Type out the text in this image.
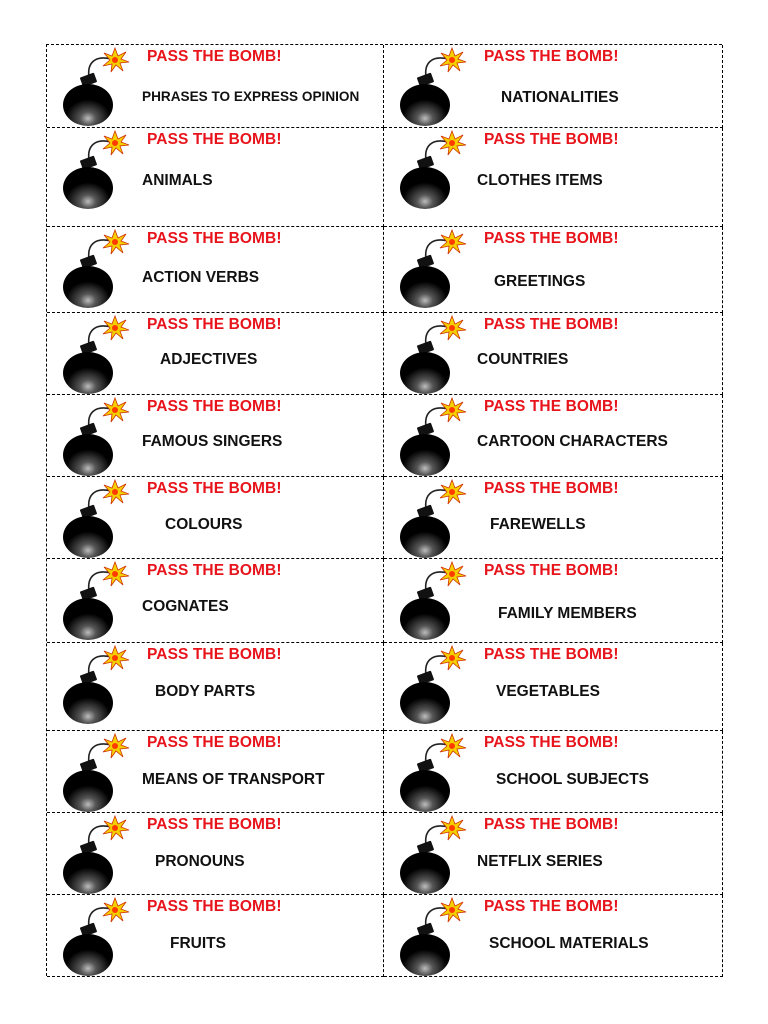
PASS THE BOMB!
PHRASES TO EXPRESS OPINION
PASS THE BOMB!
NATIONALITIES
PASS THE BOMB!
ANIMALS
PASS THE BOMB!
CLOTHES ITEMS
PASS THE BOMB!
ACTION VERBS
PASS THE BOMB!
GREETINGS
PASS THE BOMB!
ADJECTIVES
PASS THE BOMB!
COUNTRIES
PASS THE BOMB!
FAMOUS SINGERS
PASS THE BOMB!
CARTOON CHARACTERS
PASS THE BOMB!
COLOURS
PASS THE BOMB!
FAREWELLS
PASS THE BOMB!
COGNATES
PASS THE BOMB!
FAMILY MEMBERS
PASS THE BOMB!
BODY PARTS
PASS THE BOMB!
VEGETABLES
PASS THE BOMB!
MEANS OF TRANSPORT
PASS THE BOMB!
SCHOOL SUBJECTS
PASS THE BOMB!
PRONOUNS
PASS THE BOMB!
NETFLIX SERIES
PASS THE BOMB!
FRUITS
PASS THE BOMB!
SCHOOL MATERIALS
